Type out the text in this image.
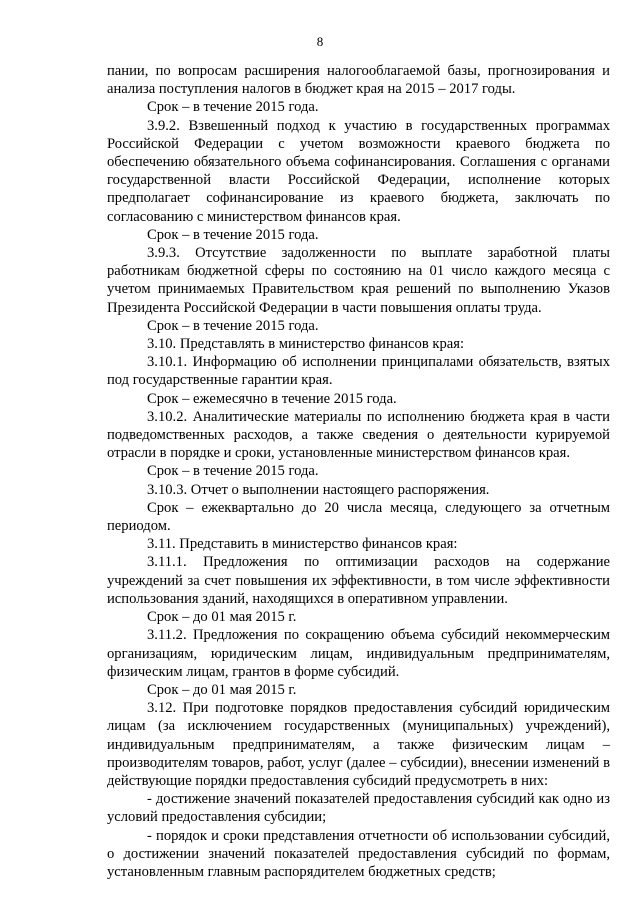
8

пании, по вопросам расширения налогооблагаемой базы, прогнозирования и анализа поступления налогов в бюджет края на 2015 – 2017 годы.

Срок – в течение 2015 года.

3.9.2. Взвешенный подход к участию в государственных программах Российской Федерации с учетом возможности краевого бюджета по обеспечению обязательного объема софинансирования. Соглашения с органами государственной власти Российской Федерации, исполнение которых предполагает софинансирование из краевого бюджета, заключать по согласованию с министерством финансов края.

Срок – в течение 2015 года.

3.9.3. Отсутствие задолженности по выплате заработной платы работникам бюджетной сферы по состоянию на 01 число каждого месяца с учетом принимаемых Правительством края решений по выполнению Указов Президента Российской Федерации в части повышения оплаты труда.

Срок – в течение 2015 года.

3.10. Представлять в министерство финансов края:

3.10.1. Информацию об исполнении принципалами обязательств, взятых под государственные гарантии края.

Срок – ежемесячно в течение 2015 года.

3.10.2. Аналитические материалы по исполнению бюджета края в части подведомственных расходов, а также сведения о деятельности курируемой отрасли в порядке и сроки, установленные министерством финансов края.

Срок – в течение 2015 года.

3.10.3. Отчет о выполнении настоящего распоряжения.

Срок – ежеквартально до 20 числа месяца, следующего за отчетным периодом.

3.11. Представить в министерство финансов края:

3.11.1. Предложения по оптимизации расходов на содержание учреждений за счет повышения их эффективности, в том числе эффективности использования зданий, находящихся в оперативном управлении.

Срок – до 01 мая 2015 г.

3.11.2. Предложения по сокращению объема субсидий некоммерческим организациям, юридическим лицам, индивидуальным предпринимателям, физическим лицам, грантов в форме субсидий.

Срок – до 01 мая 2015 г.

3.12. При подготовке порядков предоставления субсидий юридическим лицам (за исключением государственных (муниципальных) учреждений), индивидуальным предпринимателям, а также физическим лицам – производителям товаров, работ, услуг (далее – субсидии), внесении изменений в действующие порядки предоставления субсидий предусмотреть в них:

- достижение значений показателей предоставления субсидий как одно из условий предоставления субсидии;

- порядок и сроки представления отчетности об использовании субсидий, о достижении значений показателей предоставления субсидий по формам, установленным главным распорядителем бюджетных средств;
